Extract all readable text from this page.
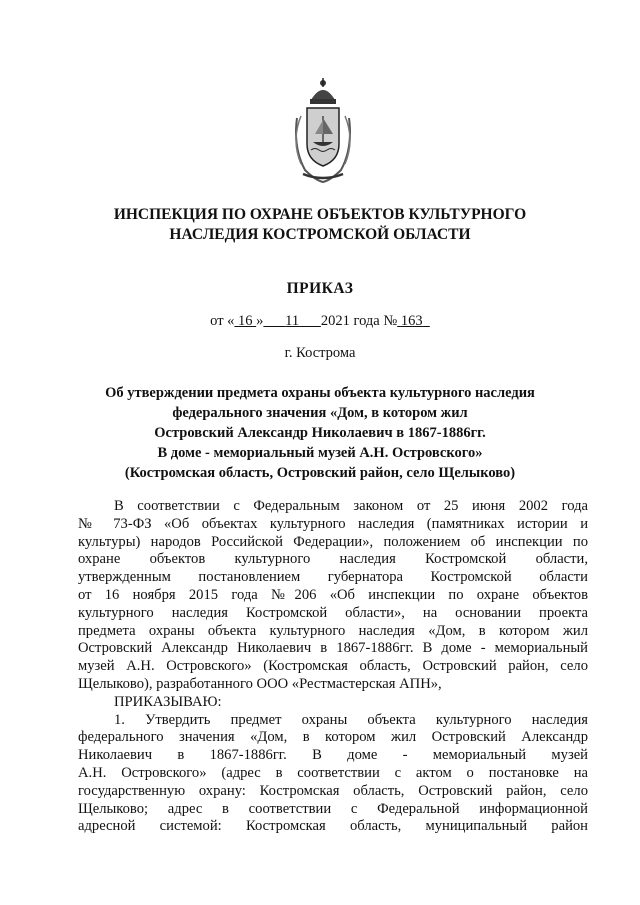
ИНСПЕКЦИЯ ПО ОХРАНЕ ОБЪЕКТОВ КУЛЬТУРНОГО
НАСЛЕДИЯ КОСТРОМСКОЙ ОБЛАСТИ
ПРИКАЗ
от « 16 » 11 2021 года № 163
г. Кострома
Об утверждении предмета охраны объекта культурного наследия
федерального значения «Дом, в котором жил
Островский Александр Николаевич в 1867-1886гг.
В доме - мемориальный музей А.Н. Островского»
(Костромская область, Островский район, село Щелыково)
В соответствии с Федеральным законом от 25 июня 2002 года
№ 73-ФЗ «Об объектах культурного наследия (памятниках истории и
культуры) народов Российской Федерации», положением об инспекции по
охране объектов культурного наследия Костромской области,
утвержденным постановлением губернатора Костромской области
от 16 ноября 2015 года №206 «Об инспекции по охране объектов
культурного наследия Костромской области», на основании проекта
предмета охраны объекта культурного наследия «Дом, в котором жил
Островский Александр Николаевич в 1867-1886гг. В доме - мемориальный
музей А.Н. Островского» (Костромская область, Островский район, село
Щелыково), разработанного ООО «Рестмастерская АПН»,
ПРИКАЗЫВАЮ:
1. Утвердить предмет охраны объекта культурного наследия
федерального значения «Дом, в котором жил Островский Александр
Николаевич в 1867-1886гг. В доме - мемориальный музей
А.Н. Островского» (адрес в соответствии с актом о постановке на
государственную охрану: Костромская область, Островский район, село
Щелыково; адрес в соответствии с Федеральной информационной
адресной системой: Костромская область, муниципальный район
